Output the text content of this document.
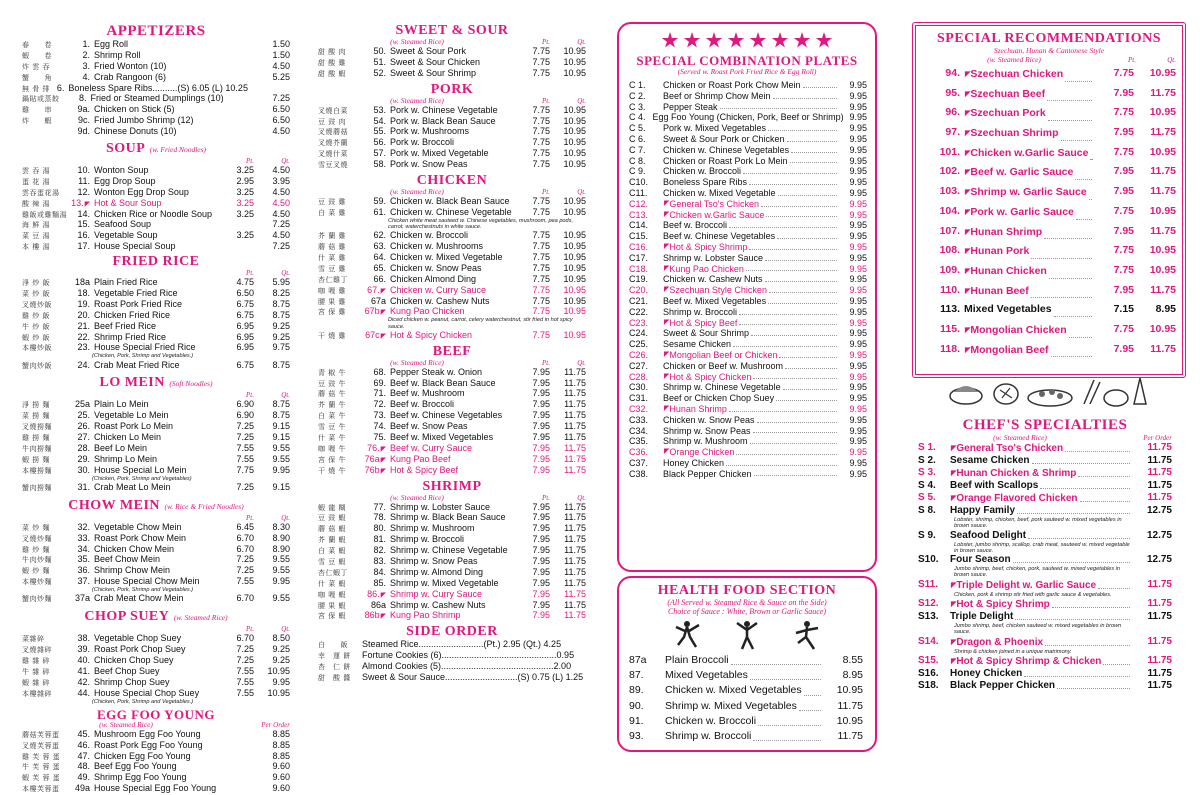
APPETIZERS
春　　卷	1. Egg Roll	1.50
蝦　　卷	2. Shrimp Roll	1.50
炸 雲 吞	3. Fried Wonton (10)	4.50
蟹　　角	4. Crab Rangoon (6)	5.25
無 骨 排 6. Boneless Spare Ribs..........(S) 6.05 (L) 10.25
鍋貼或蒸餃	8. Fried or Steamed Dumplings (10)	7.25
雞　　串	9a. Chicken on Stick (5)	6.50
炸　　蝦	9c. Fried Jumbo Shrimp (12)	6.50
9d. Chinese Donuts (10)	4.50
SOUP (w. Fried Noodles)
Pt.	Qt.
雲 吞 湯	10. Wonton Soup	3.25	4.50
蛋 花 湯	11. Egg Drop Soup	2.95	3.95
雲吞蛋花湯	12. Wonton Egg Drop Soup	3.25	4.50
酸 辣 湯	13.◤ Hot & Sour Soup	3.25	4.50
雞飯或雞麵湯	14. Chicken Rice or Noodle Soup	3.25	4.50
海 鮮 湯	15. Seafood Soup	7.25
菜 豆 湯	16. Vegetable Soup	3.25	4.50
本 樓 湯	17. House Special Soup	7.25
FRIED RICE
Pt.	Qt.
淨 炒 飯	18a Plain Fried Rice	4.75	5.95
菜 炒 飯	18. Vegetable Fried Rice	6.50	8.25
叉燒炒飯	19. Roast Pork Fried Rice	6.75	8.75
雞 炒 飯	20. Chicken Fried Rice	6.75	8.75
牛 炒 飯	21. Beef Fried Rice	6.95	9.25
蝦 炒 飯	22. Shrimp Fried Rice	6.95	9.25
本樓炒飯	23. House Special Fried Rice	6.95	9.75
(Chicken, Pork, Shrimp and Vegetables.)
蟹肉炒飯	24. Crab Meat Fried Rice	6.75	8.75
LO MEIN (Soft Noodles)
Pt.	Qt.
淨 撈 麵	25a Plain Lo Mein	6.90	8.75
菜 撈 麵	25. Vegetable Lo Mein	6.90	8.75
叉燒撈麵	26. Roast Pork Lo Mein	7.25	9.15
雞 撈 麵	27. Chicken Lo Mein	7.25	9.15
牛肉撈麵	28. Beef Lo Mein	7.55	9.55
蝦 撈 麵	29. Shrimp Lo Mein	7.55	9.55
本樓撈麵	30. House Special Lo Mein	7.75	9.95
(Chicken, Pork, Shrimp and Vegetables)
蟹肉撈麵	31. Crab Meat Lo Mein	7.25	9.15
CHOW MEIN (w. Rice & Fried Noodles)
Pt.	Qt.
菜 炒 麵	32. Vegetable Chow Mein	6.45	8.30
叉燒炒麵	33. Roast Pork Chow Mein	6.70	8.90
雞 炒 麵	34. Chicken Chow Mein	6.70	8.90
牛肉炒麵	35. Beef Chow Mein	7.25	9.55
蝦 炒 麵	36. Shrimp Chow Mein	7.25	9.55
本樓炒麵	37. House Special Chow Mein	7.55	9.95
(Chicken, Pork, Shrimp and Vegetables.)
蟹肉炒麵	37a Crab Meat Chow Mein	6.70	9.55
CHOP SUEY (w. Steamed Rice)
Pt.	Qt.
菜雜碎	38. Vegetable Chop Suey	6.70	8.50
叉燒雜碎	39. Roast Pork Chop Suey	7.25	9.25
雞 雜 碎	40. Chicken Chop Suey	7.25	9.25
牛 雜 碎	41. Beef Chop Suey	7.55	10.95
蝦 雜 碎	42. Shrimp Chop Suey	7.55	9.95
本樓雜碎	44. House Special Chop Suey	7.55	10.95
(Chicken, Pork, Shrimp and Vegetables.)
EGG FOO YOUNG
(w. Steamed Rice)	Per Order
蘑菇芙蓉蛋	45. Mushroom Egg Foo Young	8.85
叉燒芙蓉蛋	46. Roast Pork Egg Foo Young	8.85
雞 芙 蓉 蛋	47. Chicken Egg Foo Young	8.85
牛 芙 蓉 蛋	48. Beef Egg Foo Young	9.60
蝦 芙 蓉 蛋	49. Shrimp Egg Foo Young	9.60
本樓芙蓉蛋	49a House Special Egg Foo Young	9.60
SWEET & SOUR
(w. Steamed Rice)	Pt.	Qt.
甜 酸 肉	50. Sweet & Sour Pork	7.75	10.95
甜 酸 雞	51. Sweet & Sour Chicken	7.75	10.95
甜 酸 蝦	52. Sweet & Sour Shrimp	7.75	10.95
PORK
(w. Steamed Rice)	Pt.	Qt.
叉燒白菜	53. Pork w. Chinese Vegetable	7.75	10.95
豆 豉 肉	54. Pork w. Black Bean Sauce	7.75	10.95
叉燒蘑菇	55. Pork w. Mushrooms	7.75	10.95
叉燒芥蘭	56. Pork w. Broccoli	7.75	10.95
叉燒什菜	57. Pork w. Mixed Vegetable	7.75	10.95
雪豆叉燒	58. Pork w. Snow Peas	7.75	10.95
CHICKEN
(w. Steamed Rice)	Pt.	Qt.
豆 豉 雞	59. Chicken w. Black Bean Sauce	7.75	10.95
白 菜 雞	61. Chicken w. Chinese Vegetable	7.75	10.95
Chicken white meat sauteed w. Chinese vegetables, mushroom, pea pods, carrot, waterchestnuts in white sauce.
芥 蘭 雞	62. Chicken w. Broccoli	7.75	10.95
蘑 菇 雞	63. Chicken w. Mushrooms	7.75	10.95
什 菜 雞	64. Chicken w. Mixed Vegetable	7.75	10.95
雪 豆 雞	65. Chicken w. Snow Peas	7.75	10.95
杏仁雞丁	66. Chicken Almond Ding	7.75	10.95
咖 喱 雞	67.◤ Chicken w. Curry Sauce	7.75	10.95
腰 果 雞	67a Chicken w. Cashew Nuts	7.75	10.95
宮 保 雞	67b◤ Kung Pao Chicken	7.75	10.95
Diced chicken w. peanut, carrot, celery waterchestnut, stir fried in hot spicy sauce.
干 燒 雞	67c◤ Hot & Spicy Chicken	7.75	10.95
BEEF
(w. Steamed Rice)	Pt.	Qt.
青 椒 牛	68. Pepper Steak w. Onion	7.95	11.75
豆 豉 牛	69. Beef w. Black Bean Sauce	7.95	11.75
蘑 菇 牛	71. Beef w. Mushroom	7.95	11.75
芥 蘭 牛	72. Beef w. Broccoli	7.95	11.75
白 菜 牛	73. Beef w. Chinese Vegetables	7.95	11.75
雪 豆 牛	74. Beef w. Snow Peas	7.95	11.75
什 菜 牛	75. Beef w. Mixed Vegetables	7.95	11.75
咖 喱 牛	76.◤ Beef w. Curry Sauce	7.95	11.75
宮 保 牛	76a◤ Kung Pao Beef	7.95	11.75
干 燒 牛	76b◤ Hot & Spicy Beef	7.95	11.75
SHRIMP
(w. Steamed Rice)	Pt.	Qt.
蝦 龍 糊	77. Shrimp w. Lobster Sauce	7.95	11.75
豆 豉 蝦	78. Shrimp w. Black Bean Sauce	7.95	11.75
蘑 菇 蝦	80. Shrimp w. Mushroom	7.95	11.75
芥 蘭 蝦	81. Shrimp w. Broccoli	7.95	11.75
白 菜 蝦	82. Shrimp w. Chinese Vegetable	7.95	11.75
雪 豆 蝦	83. Shrimp w. Snow Peas	7.95	11.75
杏仁蝦丁	84. Shrimp w. Almond Ding	7.95	11.75
什 菜 蝦	85. Shrimp w. Mixed Vegetable	7.95	11.75
咖 喱 蝦	86.◤ Shrimp w. Curry Sauce	7.95	11.75
腰 果 蝦	86a Shrimp w. Cashew Nuts	7.95	11.75
宮 保 蝦	86b◤ Kung Pao Shrimp	7.95	11.75
SIDE ORDER
白　　飯	Steamed Rice..........................(Pt.) 2.95 (Qt.) 4.25
幸　運 餅	Fortune Cookies (6)..............................................0.95
杏　仁 餅	Almond Cookies (5).............................................2.00
甜　酸 醬	Sweet & Sour Sauce.............................(S) 0.75 (L) 1.25
SPECIAL COMBINATION PLATES
(Served w. Roast Pork Fried Rice & Egg Roll)
C 1.	Chicken or Roast Pork Chow Mein	9.95
C 2.	Beef or Shrimp Chow Mein	9.95
C 3.	Pepper Steak	9.95
C 4. Egg Foo Young (Chicken, Pork, Beef or Shrimp) 9.95
C 5.	Pork w. Mixed Vegetables	9.95
C 6.	Sweet & Sour Pork or Chicken	9.95
C 7.	Chicken w. Chinese Vegetables	9.95
C 8.	Chicken or Roast Pork Lo Mein	9.95
C 9.	Chicken w. Broccoli	9.95
C10.	Boneless Spare Ribs	9.95
C11.	Chicken w. Mixed Vegetable	9.95
C12.	◤ General Tso's Chicken	9.95
C13.	◤ Chicken w.Garlic Sauce	9.95
C14.	Beef w. Broccoli	9.95
C15.	Beef w. Chinese Vegetables	9.95
C16.	◤ Hot & Spicy Shrimp	9.95
C17.	Shrimp w. Lobster Sauce	9.95
C18.	◤ Kung Pao Chicken	9.95
C19.	Chicken w. Cashew Nuts	9.95
C20.	◤ Szechuan Style Chicken	9.95
C21.	Beef w. Mixed Vegetables	9.95
C22.	Shrimp w. Broccoli	9.95
C23.	◤ Hot & Spicy Beef	9.95
C24.	Sweet & Sour Shrimp	9.95
C25.	Sesame Chicken	9.95
C26.	◤ Mongolian Beef or Chicken	9.95
C27.	Chicken or Beef w. Mushroom	9.95
C28.	◤ Hot & Spicy Chicken	9.95
C30.	Shrimp w. Chinese Vegetable	9.95
C31.	Beef or Chicken Chop Suey	9.95
C32.	◤ Hunan Shrimp	9.95
C33.	Chicken w. Snow Peas	9.95
C34.	Shrimp w. Snow Peas	9.95
C35.	Shrimp w. Mushroom	9.95
C36.	◤ Orange Chicken	9.95
C37.	Honey Chicken	9.95
C38.	Black Pepper Chicken	9.95
HEALTH FOOD SECTION
(All Served w. Steamed Rice & Sauce on the Side)
Choice of Sauce : White, Brown or Garlic Sauce)
87a	Plain Broccoli	8.55
87.	Mixed Vegetables	8.95
89.	Chicken w. Mixed Vegetables	10.95
90.	Shrimp w. Mixed Vegetables	11.75
91.	Chicken w. Broccoli	10.95
93.	Shrimp w. Broccoli	11.75
SPECIAL RECOMMENDATIONS
Szechuan, Hunan & Cantonese Style
(w. Steamed Rice)	Pt.	Qt.
94. ◤ Szechuan Chicken	7.75	10.95
95. ◤ Szechuan Beef	7.95	11.75
96. ◤ Szechuan Pork	7.75	10.95
97. ◤ Szechuan Shrimp	7.95	11.75
101. ◤ Chicken w.Garlic Sauce	7.75	10.95
102. ◤ Beef w. Garlic Sauce	7.95	11.75
103. ◤ Shrimp w. Garlic Sauce	7.95	11.75
104. ◤ Pork w. Garlic Sauce	7.75	10.95
107. ◤ Hunan Shrimp	7.95	11.75
108. ◤ Hunan Pork	7.75	10.95
109. ◤ Hunan Chicken	7.75	10.95
110. ◤ Hunan Beef	7.95	11.75
113. Mixed Vegetables	7.15	8.95
115. ◤ Mongolian Chicken	7.75	10.95
118. ◤ Mongolian Beef	7.95	11.75
CHEF'S SPECIALTIES
(w. Steamed Rice)	Per Order
S 1.	◤ General Tso's Chicken	11.75
S 2.	Sesame Chicken	11.75
S 3.	◤ Hunan Chicken & Shrimp	11.75
S 4.	Beef with Scallops	11.75
S 5.	◤ Orange Flavored Chicken	11.75
S 8.	Happy Family	12.75
Lobster, shrimp, chicken, beef, pork sauteed w. mixed vegetables in brown sauce.
S 9.	Seafood Delight	12.75
Lobster, jumbo shrimp, scallop, crab meat, sauteed w. mixed vegetable in brown sauce.
S10.	Four Season	12.75
Jumbo shrimp, beef, chicken, pork, sauteed w. mixed vegetables in brown sauce.
S11.	◤ Triple Delight w. Garlic Sauce	11.75
Chicken, pork & shrimp stir fried with garlic sauce & vegetables.
S12.	◤ Hot & Spicy Shrimp	11.75
S13.	Triple Delight	11.75
Jumbo shrimp, beef, chicken sauteed w. mixed vegetables in brown sauce.
S14.	◤ Dragon & Phoenix	11.75
Shrimp & chicken joined in a unique matrimony.
S15.	◤ Hot & Spicy Shrimp & Chicken	11.75
S16.	Honey Chicken	11.75
S18.	Black Pepper Chicken	11.75
